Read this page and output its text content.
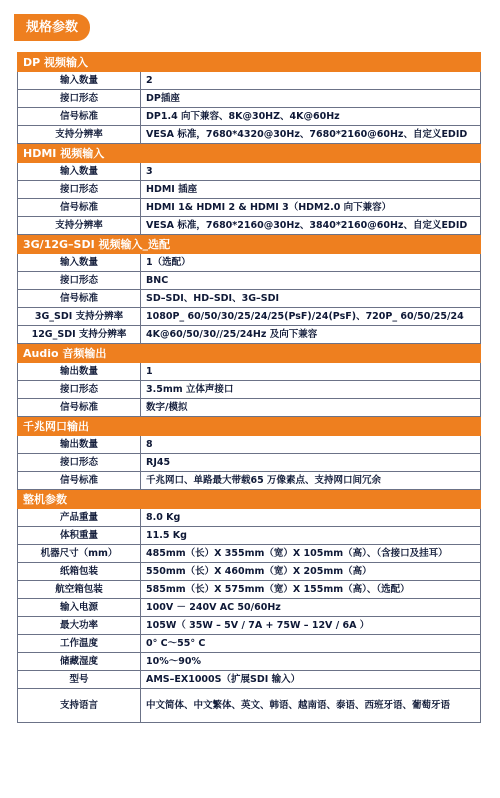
规格参数
DP 视频输入	
输入数量	2
接口形态	DP插座
信号标准	DP1.4 向下兼容、8K@30HZ、4K@60Hz
支持分辨率	VESA 标准，7680*4320@30Hz、7680*2160@60Hz、自定义EDID
HDMI 视频输入	
输入数量	3
接口形态	HDMI 插座
信号标准	HDMI 1& HDMI 2 & HDMI 3（HDM2.0 向下兼容）
支持分辨率	VESA 标准，7680*2160@30Hz、3840*2160@60Hz、自定义EDID
3G/12G–SDI 视频输入_选配	
输入数量	1（选配）
接口形态	BNC
信号标准	SD–SDI、HD–SDI、3G–SDI
3G_SDI 支持分辨率	1080P_ 60/50/30/25/24/25(PsF)/24(PsF)、720P_ 60/50/25/24
12G_SDI 支持分辨率	4K@60/50/30//25/24Hz 及向下兼容
Audio 音频输出	
输出数量	1
接口形态	3.5mm 立体声接口
信号标准	数字/模拟
千兆网口输出	
输出数量	8
接口形态	RJ45
信号标准	千兆网口、单路最大带载65 万像素点、支持网口间冗余
整机参数	
产品重量	8.0 Kg
体积重量	11.5 Kg
机器尺寸（mm）	485mm（长）X 355mm（宽）X 105mm（高）、（含接口及挂耳）
纸箱包装	550mm（长）X 460mm（宽）X 205mm（高）
航空箱包装	585mm（长）X 575mm（宽）X 155mm（高）、（选配）
输入电源	100V － 240V AC 50/60Hz
最大功率	105W（ 35W – 5V / 7A + 75W – 12V / 6A ）
工作温度	0° C～55° C
储藏湿度	10%～90%
型号	AMS–EX1000S（扩展SDI 输入）
支持语言	中文简体、中文繁体、英文、韩语、越南语、泰语、西班牙语、葡萄牙语
